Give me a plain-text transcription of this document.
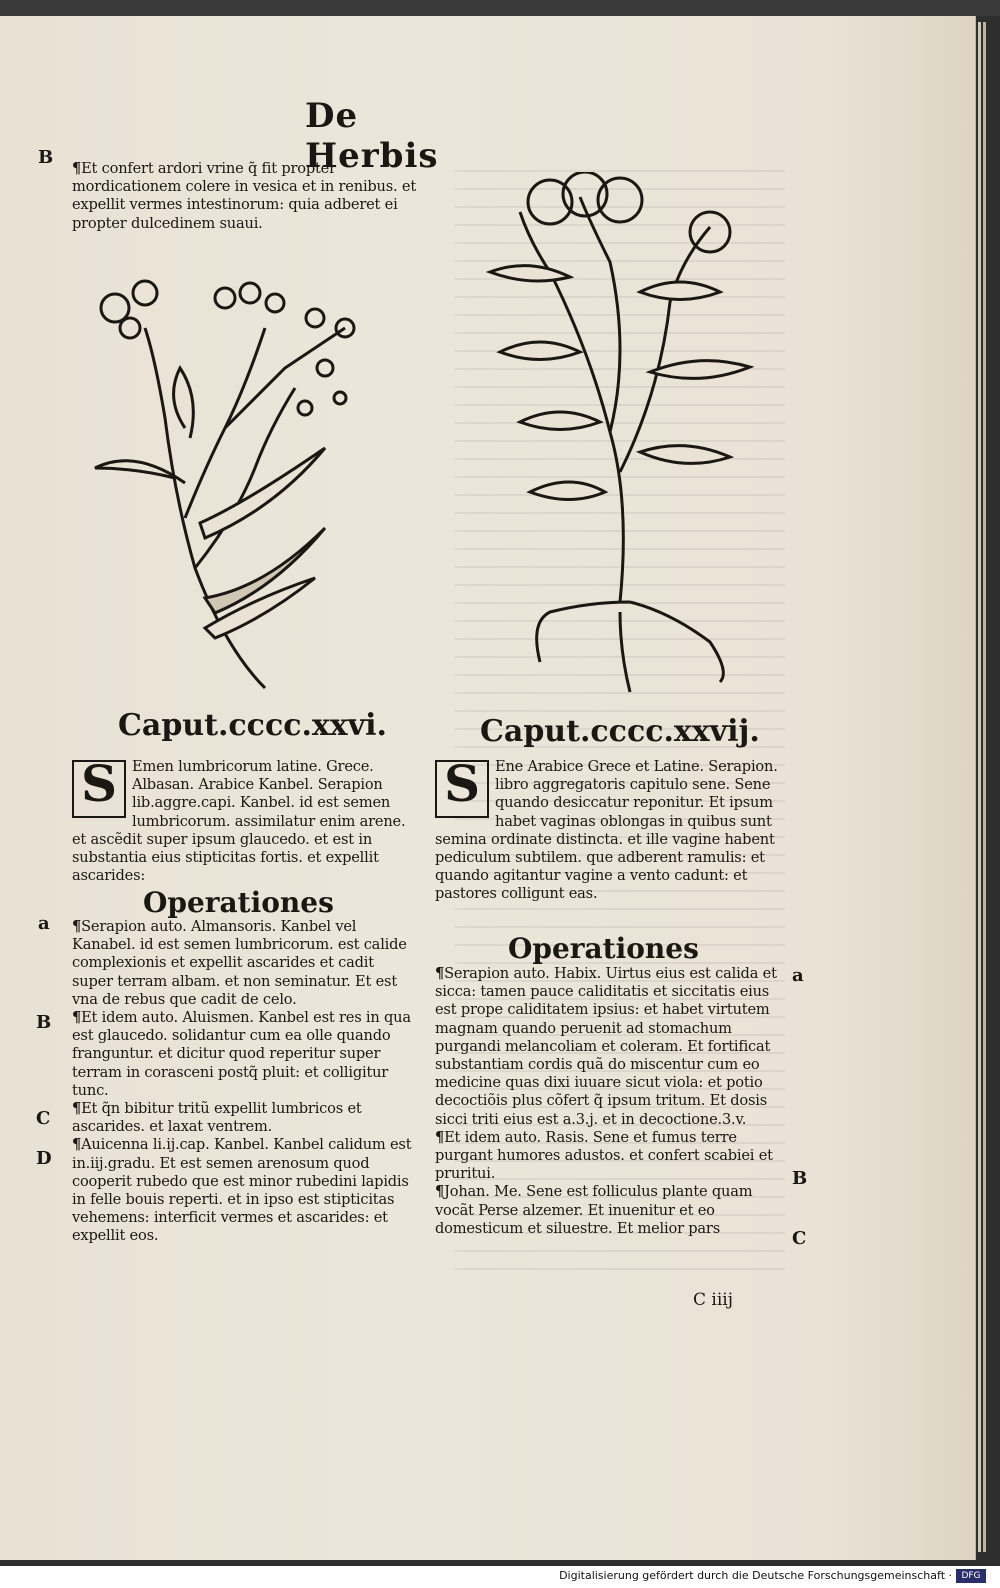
De Herbis
B
a
B
C
D
a
B
C

¶Et confert ardori vrine q̃ fit propter mordicationem colere in vesica et in renibus. et expellit vermes intestinorum: quia adberet ei propter dulcedinem suaui.

Caput.cccc.xxvi.

S	Emen lumbricorum latine. Grece. Albasan. Arabice Kanbel. Serapion lib.aggre.capi. Kanbel. id est semen lumbricorum. assimilatur enim arene. et ascẽdit super ipsum glaucedo. et est in substantia eius stipticitas fortis. et expellit ascarides:

Operationes

¶Serapion auto. Almansoris. Kanbel vel Kanabel. id est semen lumbricorum. est calide complexionis et expellit ascarides et cadit super terram albam. et non seminatur. Et est vna de rebus que cadit de celo.

¶Et idem auto. Aluismen. Kanbel est res in qua est glaucedo. solidantur cum ea olle quando franguntur. et dicitur quod reperitur super terram in corasceni postq̃ pluit: et colligitur tunc.

¶Et q̃n bibitur tritũ expellit lumbricos et ascarides. et laxat ventrem.

¶Auicenna li.ij.cap. Kanbel. Kanbel calidum est in.iij.gradu. Et est semen arenosum quod cooperit rubedo que est minor rubedini lapidis in felle bouis reperti. et in ipso est stipticitas vehemens: interficit vermes et ascarides: et expellit eos.

Caput.cccc.xxvij.

S	Ene Arabice Grece et Latine. Serapion. libro aggregatoris capitulo sene. Sene quando desiccatur reponitur. Et ipsum habet vaginas oblongas in quibus sunt semina ordinate distincta. et ille vagine habent pediculum subtilem. que adberent ramulis: et quando agitantur vagine a vento cadunt: et pastores colligunt eas.

Operationes

¶Serapion auto. Habix. Uirtus eius est calida et sicca: tamen pauce caliditatis et siccitatis eius est prope caliditatem ipsius: et habet virtutem magnam quando peruenit ad stomachum purgandi melancoliam et coleram. Et fortificat substantiam cordis quã do miscentur cum eo medicine quas dixi iuuare sicut viola: et potio decoctiõis plus cõfert q̃ ipsum tritum. Et dosis sicci triti eius est a.3.j. et in decoctione.3.v.

¶Et idem auto. Rasis. Sene et fumus terre purgant humores adustos. et confert scabiei et pruritui.

¶Johan. Me. Sene est folliculus plante quam vocãt Perse alzemer. Et inuenitur et eo domesticum et siluestre. Et melior pars

C iiij
Digitalisierung gefördert durch die Deutsche Forschungsgemeinschaft ·	DFG
